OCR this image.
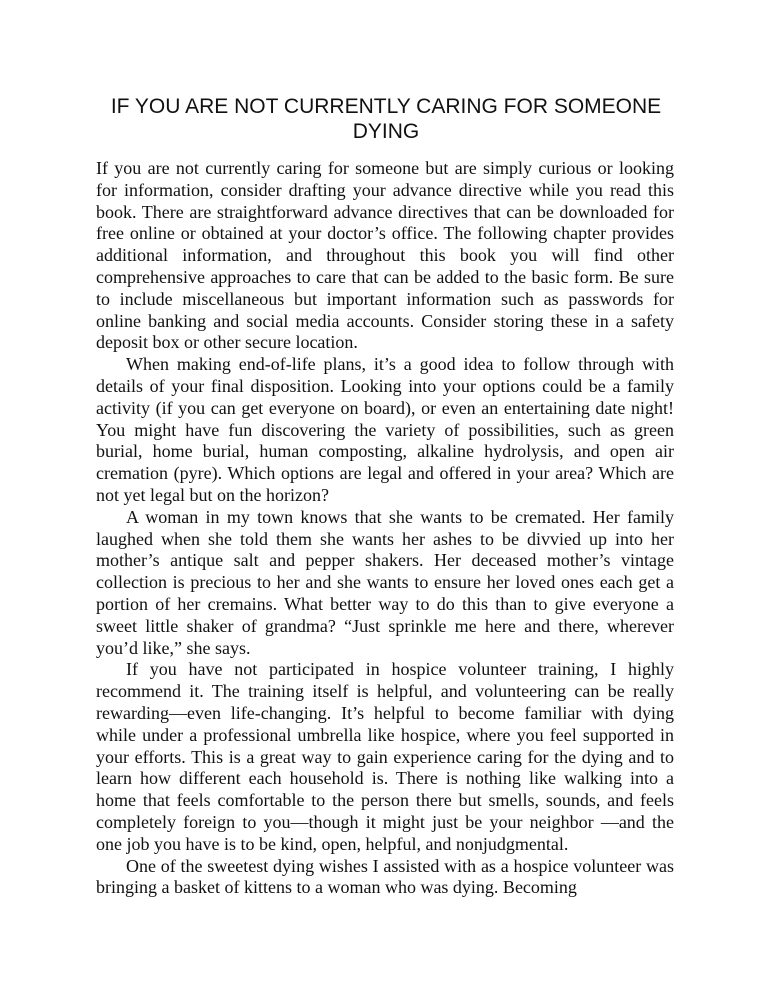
IF YOU ARE NOT CURRENTLY CARING FOR SOMEONE DYING

If you are not currently caring for someone but are simply curious or looking for information, consider drafting your advance directive while you read this book. There are straightforward advance directives that can be downloaded for free online or obtained at your doctor’s office. The following chapter provides additional information, and throughout this book you will find other comprehensive approaches to care that can be added to the basic form. Be sure to include miscellaneous but important information such as passwords for online banking and social media accounts. Consider storing these in a safety deposit box or other secure location.

When making end-of-life plans, it’s a good idea to follow through with details of your final disposition. Looking into your options could be a family activity (if you can get everyone on board), or even an entertaining date night! You might have fun discovering the variety of possibilities, such as green burial, home burial, human composting, alkaline hydrolysis, and open air cremation (pyre). Which options are legal and offered in your area? Which are not yet legal but on the horizon?

A woman in my town knows that she wants to be cremated. Her family laughed when she told them she wants her ashes to be divvied up into her mother’s antique salt and pepper shakers. Her deceased mother’s vintage collection is precious to her and she wants to ensure her loved ones each get a portion of her cremains. What better way to do this than to give everyone a sweet little shaker of grandma? “Just sprinkle me here and there, wherever you’d like,” she says.

If you have not participated in hospice volunteer training, I highly recommend it. The training itself is helpful, and volunteering can be really rewarding—even life-changing. It’s helpful to become familiar with dying while under a professional umbrella like hospice, where you feel supported in your efforts. This is a great way to gain experience caring for the dying and to learn how different each household is. There is nothing like walking into a home that feels comfortable to the person there but smells, sounds, and feels completely foreign to you—though it might just be your neighbor —and the one job you have is to be kind, open, helpful, and nonjudgmental.

One of the sweetest dying wishes I assisted with as a hospice volunteer was bringing a basket of kittens to a woman who was dying. Becoming
